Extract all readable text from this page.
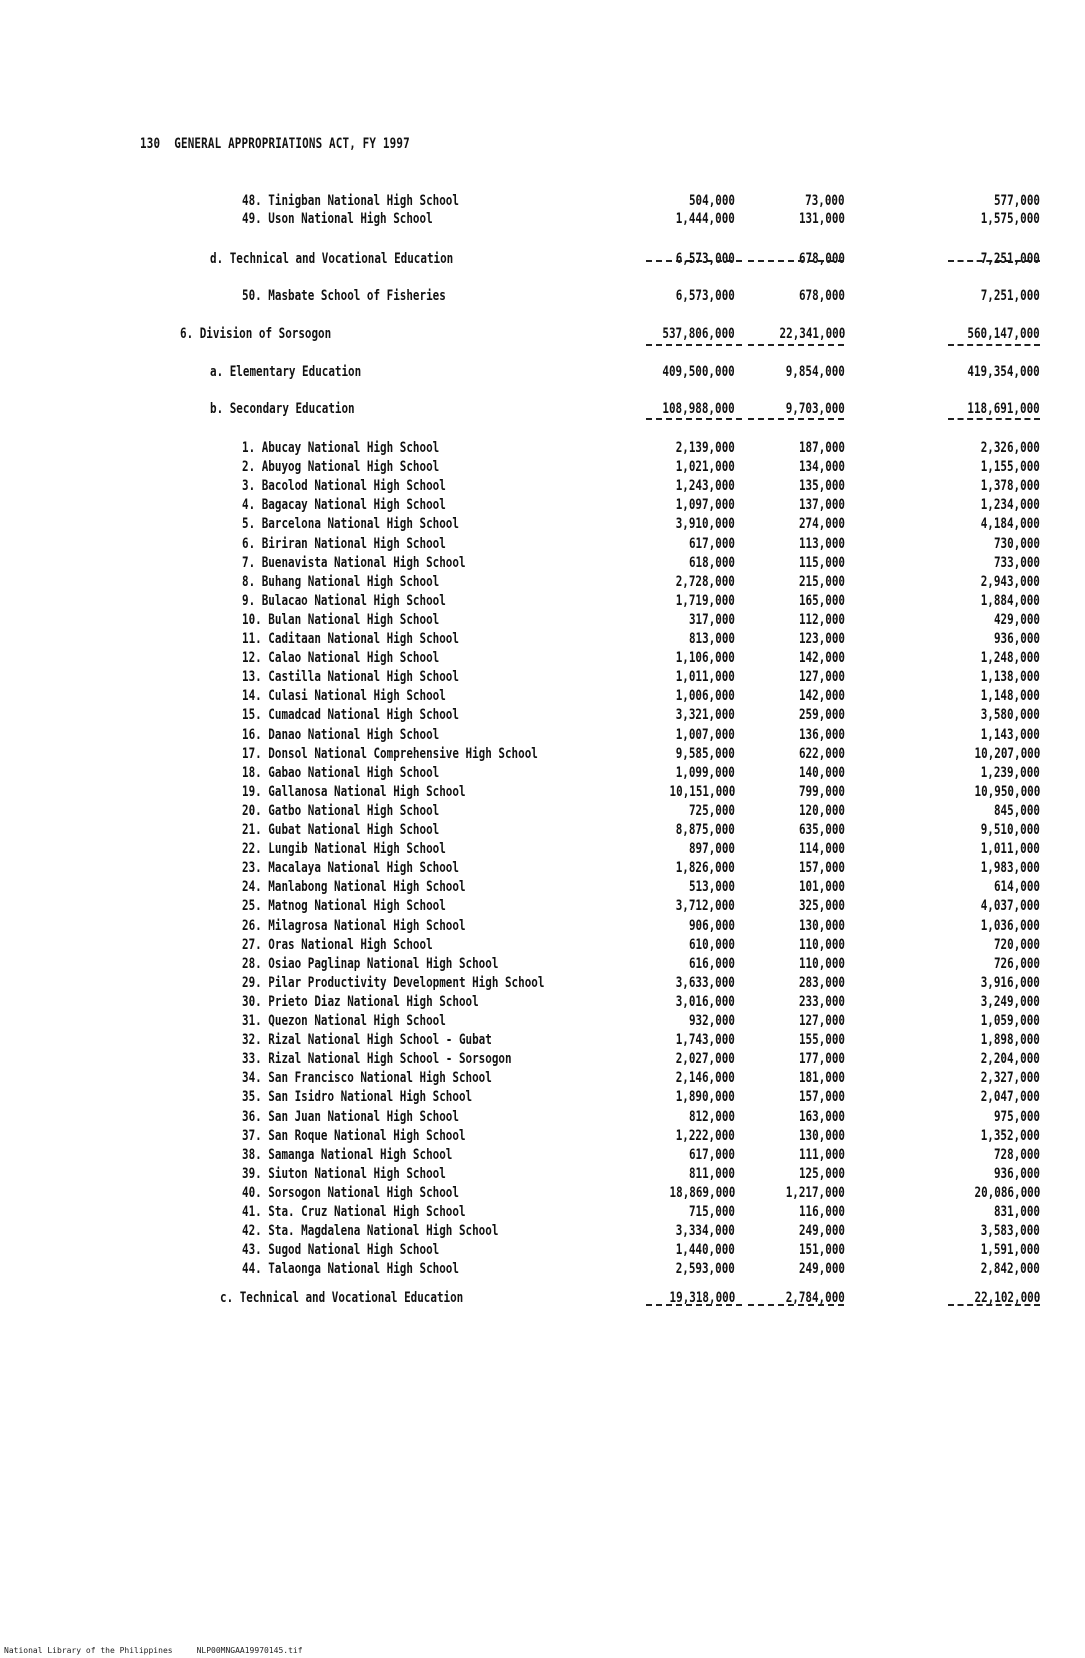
130 GENERAL APPROPRIATIONS ACT, FY 1997
48. Tinigban National High School	504,000	73,000	577,000
49. Uson National High School	1,444,000	131,000	1,575,000
d. Technical and Vocational Education	6,573,000	678,000	7,251,000
50. Masbate School of Fisheries	6,573,000	678,000	7,251,000
6. Division of Sorsogon	537,806,000	22,341,000	560,147,000
a. Elementary Education	409,500,000	9,854,000	419,354,000
b. Secondary Education	108,988,000	9,703,000	118,691,000
1. Abucay National High School	2,139,000	187,000	2,326,000
2. Abuyog National High School	1,021,000	134,000	1,155,000
3. Bacolod National High School	1,243,000	135,000	1,378,000
4. Bagacay National High School	1,097,000	137,000	1,234,000
5. Barcelona National High School	3,910,000	274,000	4,184,000
6. Biriran National High School	617,000	113,000	730,000
7. Buenavista National High School	618,000	115,000	733,000
8. Buhang National High School	2,728,000	215,000	2,943,000
9. Bulacao National High School	1,719,000	165,000	1,884,000
10. Bulan National High School	317,000	112,000	429,000
11. Caditaan National High School	813,000	123,000	936,000
12. Calao National High School	1,106,000	142,000	1,248,000
13. Castilla National High School	1,011,000	127,000	1,138,000
14. Culasi National High School	1,006,000	142,000	1,148,000
15. Cumadcad National High School	3,321,000	259,000	3,580,000
16. Danao National High School	1,007,000	136,000	1,143,000
17. Donsol National Comprehensive High School	9,585,000	622,000	10,207,000
18. Gabao National High School	1,099,000	140,000	1,239,000
19. Gallanosa National High School	10,151,000	799,000	10,950,000
20. Gatbo National High School	725,000	120,000	845,000
21. Gubat National High School	8,875,000	635,000	9,510,000
22. Lungib National High School	897,000	114,000	1,011,000
23. Macalaya National High School	1,826,000	157,000	1,983,000
24. Manlabong National High School	513,000	101,000	614,000
25. Matnog National High School	3,712,000	325,000	4,037,000
26. Milagrosa National High School	906,000	130,000	1,036,000
27. Oras National High School	610,000	110,000	720,000
28. Osiao Paglinap National High School	616,000	110,000	726,000
29. Pilar Productivity Development High School	3,633,000	283,000	3,916,000
30. Prieto Diaz National High School	3,016,000	233,000	3,249,000
31. Quezon National High School	932,000	127,000	1,059,000
32. Rizal National High School - Gubat	1,743,000	155,000	1,898,000
33. Rizal National High School - Sorsogon	2,027,000	177,000	2,204,000
34. San Francisco National High School	2,146,000	181,000	2,327,000
35. San Isidro National High School	1,890,000	157,000	2,047,000
36. San Juan National High School	812,000	163,000	975,000
37. San Roque National High School	1,222,000	130,000	1,352,000
38. Samanga National High School	617,000	111,000	728,000
39. Siuton National High School	811,000	125,000	936,000
40. Sorsogon National High School	18,869,000	1,217,000	20,086,000
41. Sta. Cruz National High School	715,000	116,000	831,000
42. Sta. Magdalena National High School	3,334,000	249,000	3,583,000
43. Sugod National High School	1,440,000	151,000	1,591,000
44. Talaonga National High School	2,593,000	249,000	2,842,000
c. Technical and Vocational Education	19,318,000	2,784,000	22,102,000
National Library of the Philippines	NLP00MNGAA19970145.tif
